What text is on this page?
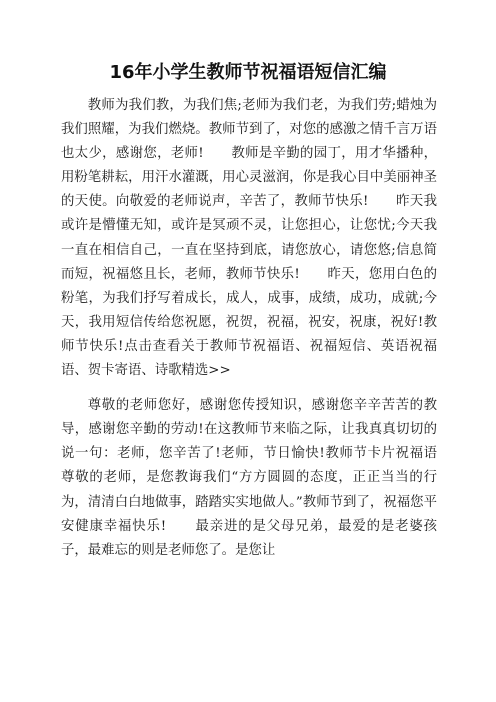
16年小学生教师节祝福语短信汇编

教师为我们教，为我们焦;老师为我们老，为我们劳;蜡烛为我们照耀，为我们燃烧。教师节到了，对您的感激之情千言万语也太少，感谢您，老师!　　教师是辛勤的园丁，用才华播种，用粉笔耕耘，用汗水灌溉，用心灵滋润，你是我心目中美丽神圣的天使。向敬爱的老师说声，辛苦了，教师节快乐!　　昨天我或许是懵懂无知，或许是冥顽不灵，让您担心，让您忧;今天我一直在相信自己，一直在坚持到底，请您放心，请您悠;信息简而短，祝福悠且长，老师，教师节快乐!　　昨天，您用白色的粉笔，为我们抒写着成长，成人，成事，成绩，成功，成就;今天，我用短信传给您祝愿，祝贺，祝福，祝安，祝康，祝好!教师节快乐!点击查看关于教师节祝福语、祝福短信、英语祝福语、贺卡寄语、诗歌精选>>

尊敬的老师您好，感谢您传授知识，感谢您辛辛苦苦的教导，感谢您辛勤的劳动!在这教师节来临之际，让我真真切切的说一句：老师，您辛苦了!老师，节日愉快!教师节卡片祝福语　　尊敬的老师，是您教诲我们“方方圆圆的态度，正正当当的行为，清清白白地做事，踏踏实实地做人。”教师节到了，祝福您平安健康幸福快乐!　　最亲进的是父母兄弟，最爱的是老婆孩子，最难忘的则是老师您了。是您让
